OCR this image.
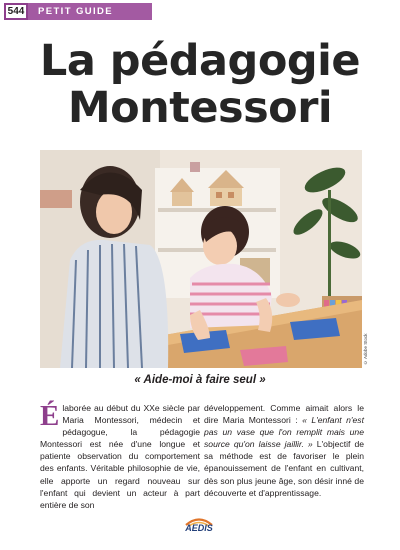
544	PETIT GUIDE
La pédagogie
Montessori
© Adobe Stock
« Aide-moi à faire seul »
É laborée au début du XXe siècle par Maria Montessori, médecin et pédagogue, la pédagogie Montessori est née d'une longue et patiente observation du comportement des enfants. Véritable philosophie de vie, elle apporte un regard nouveau sur l'enfant qui devient un acteur à part entière de son

développement. Comme aimait alors le dire Maria Montessori : « L'enfant n'est pas un vase que l'on remplit mais une source qu'on laisse jaillir. » L'objectif de sa méthode est de favoriser le plein épanouissement de l'enfant en cultivant, dès son plus jeune âge, son désir inné de découverte et d'apprentissage.

AEDIS
